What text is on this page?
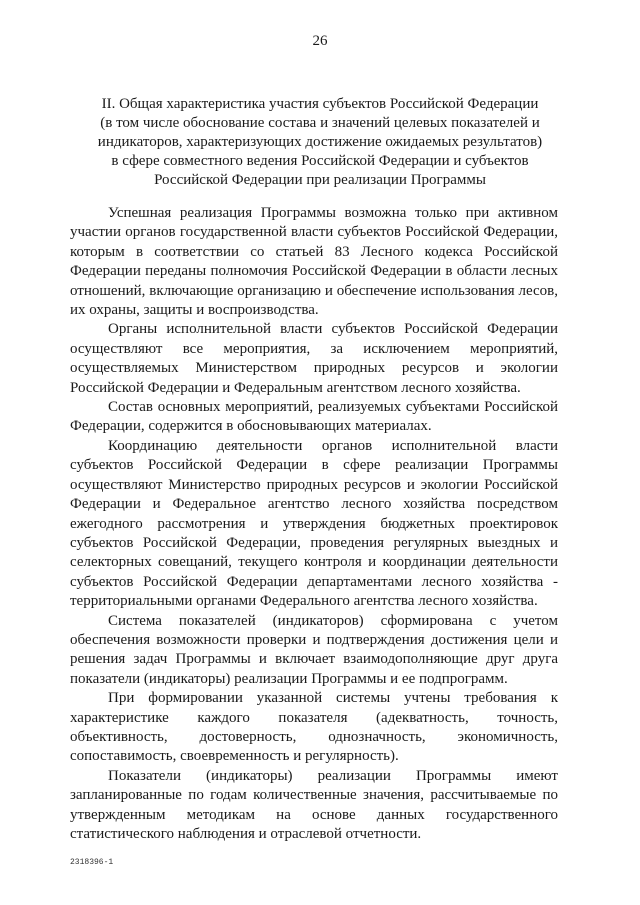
26
II. Общая характеристика участия субъектов Российской Федерации
(в том числе обоснование состава и значений целевых показателей и
индикаторов, характеризующих достижение ожидаемых результатов)
в сфере совместного ведения Российской Федерации и субъектов
Российской Федерации при реализации Программы

Успешная реализация Программы возможна только при активном участии органов государственной власти субъектов Российской Федерации, которым в соответствии со статьей 83 Лесного кодекса Российской Федерации переданы полномочия Российской Федерации в области лесных отношений, включающие организацию и обеспечение использования лесов, их охраны, защиты и воспроизводства.

Органы исполнительной власти субъектов Российской Федерации осуществляют все мероприятия, за исключением мероприятий, осуществляемых Министерством природных ресурсов и экологии Российской Федерации и Федеральным агентством лесного хозяйства.

Состав основных мероприятий, реализуемых субъектами Российской Федерации, содержится в обосновывающих материалах.

Координацию деятельности органов исполнительной власти субъектов Российской Федерации в сфере реализации Программы осуществляют Министерство природных ресурсов и экологии Российской Федерации и Федеральное агентство лесного хозяйства посредством ежегодного рассмотрения и утверждения бюджетных проектировок субъектов Российской Федерации, проведения регулярных выездных и селекторных совещаний, текущего контроля и координации деятельности субъектов Российской Федерации департаментами лесного хозяйства - территориальными органами Федерального агентства лесного хозяйства.

Система показателей (индикаторов) сформирована с учетом обеспечения возможности проверки и подтверждения достижения цели и решения задач Программы и включает взаимодополняющие друг друга показатели (индикаторы) реализации Программы и ее подпрограмм.

При формировании указанной системы учтены требования к характеристике каждого показателя (адекватность, точность, объективность, достоверность, однозначность, экономичность, сопоставимость, своевременность и регулярность).

Показатели (индикаторы) реализации Программы имеют запланированные по годам количественные значения, рассчитываемые по утвержденным методикам на основе данных государственного статистического наблюдения и отраслевой отчетности.

2318396-1
